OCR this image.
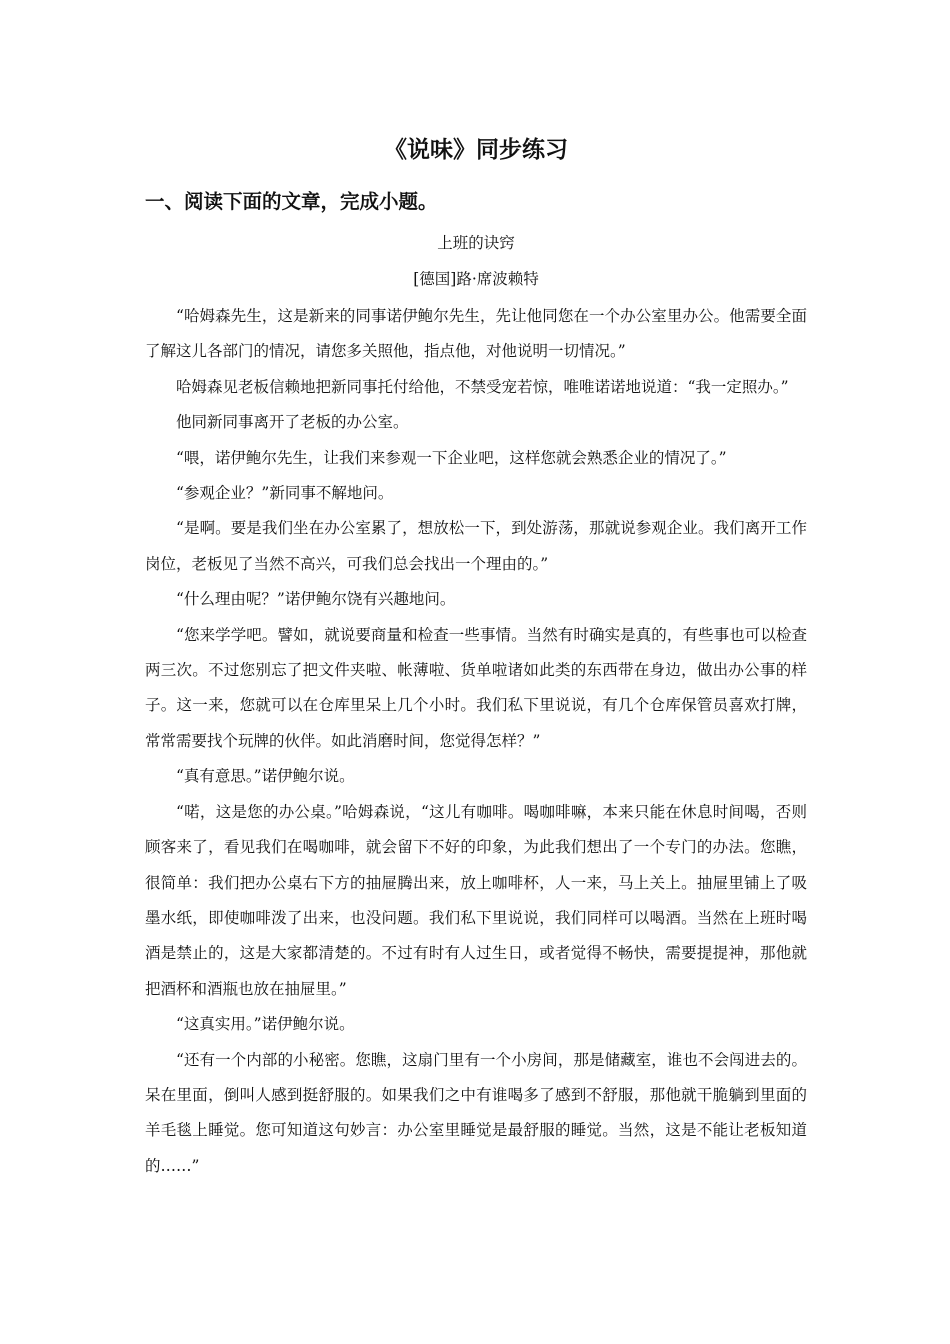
《说味》同步练习
一、阅读下面的文章，完成小题。
上班的诀窍
[德国]路·席波赖特

“哈姆森先生，这是新来的同事诺伊鲍尔先生，先让他同您在一个办公室里办公。他需要全面了解这儿各部门的情况，请您多关照他，指点他，对他说明一切情况。”

哈姆森见老板信赖地把新同事托付给他，不禁受宠若惊，唯唯诺诺地说道：“我一定照办。”

他同新同事离开了老板的办公室。

“喂，诺伊鲍尔先生，让我们来参观一下企业吧，这样您就会熟悉企业的情况了。”

“参观企业？”新同事不解地问。

“是啊。要是我们坐在办公室累了，想放松一下，到处游荡，那就说参观企业。我们离开工作岗位，老板见了当然不高兴，可我们总会找出一个理由的。”

“什么理由呢？”诺伊鲍尔饶有兴趣地问。

“您来学学吧。譬如，就说要商量和检查一些事情。当然有时确实是真的，有些事也可以检查两三次。不过您别忘了把文件夹啦、帐薄啦、货单啦诸如此类的东西带在身边，做出办公事的样子。这一来，您就可以在仓库里呆上几个小时。我们私下里说说，有几个仓库保管员喜欢打牌，常常需要找个玩牌的伙伴。如此消磨时间，您觉得怎样？”

“真有意思。”诺伊鲍尔说。

“喏，这是您的办公桌。”哈姆森说，“这儿有咖啡。喝咖啡嘛，本来只能在休息时间喝，否则顾客来了，看见我们在喝咖啡，就会留下不好的印象，为此我们想出了一个专门的办法。您瞧，很简单：我们把办公桌右下方的抽屉腾出来，放上咖啡杯，人一来，马上关上。抽屉里铺上了吸墨水纸，即使咖啡泼了出来，也没问题。我们私下里说说，我们同样可以喝酒。当然在上班时喝酒是禁止的，这是大家都清楚的。不过有时有人过生日，或者觉得不畅快，需要提提神，那他就把酒杯和酒瓶也放在抽屉里。”

“这真实用。”诺伊鲍尔说。

“还有一个内部的小秘密。您瞧，这扇门里有一个小房间，那是储藏室，谁也不会闯进去的。呆在里面，倒叫人感到挺舒服的。如果我们之中有谁喝多了感到不舒服，那他就干脆躺到里面的羊毛毯上睡觉。您可知道这句妙言：办公室里睡觉是最舒服的睡觉。当然，这是不能让老板知道的……”
